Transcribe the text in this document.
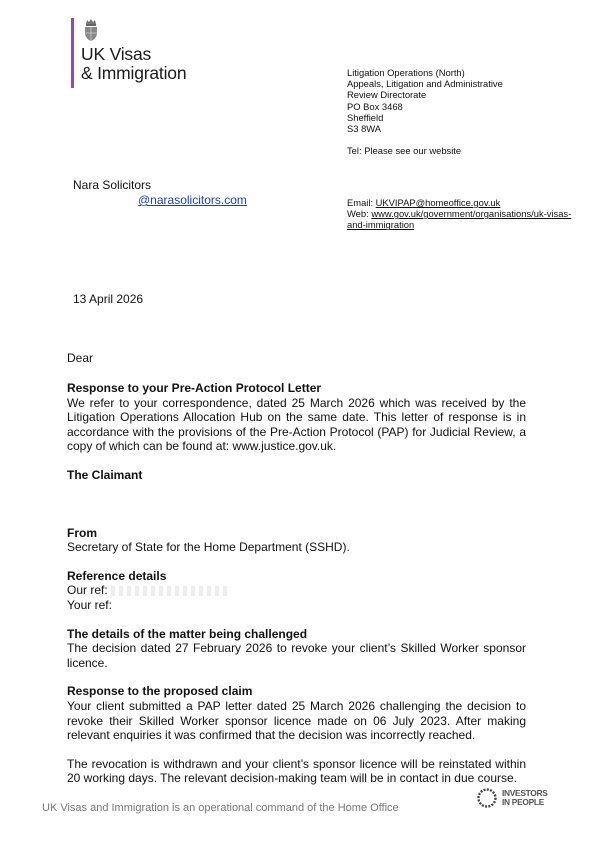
UK Visas
& Immigration	Litigation Operations (North)
Appeals, Litigation and Administrative
Review Directorate
PO Box 3468
Sheffield
S3 8WA
Tel: Please see our website
Email: UKVIPAP@homeoffice.gov.uk
Web: www.gov.uk/government/organisations/uk-visas-
and-immigration
Nara Solicitors
@narasolicitors.com
13 April 2026
Dear
Response to your Pre-Action Protocol Letter
We refer to your correspondence, dated 25 March 2026 which was received by the Litigation Operations Allocation Hub on the same date. This letter of response is in accordance with the provisions of the Pre-Action Protocol (PAP) for Judicial Review, a copy of which can be found at: www.justice.gov.uk.
The Claimant
From
Secretary of State for the Home Department (SSHD).
Reference details
Our ref:
Your ref:
The details of the matter being challenged
The decision dated 27 February 2026 to revoke your client’s Skilled Worker sponsor licence.
Response to the proposed claim
Your client submitted a PAP letter dated 25 March 2026 challenging the decision to revoke their Skilled Worker sponsor licence made on 06 July 2023. After making relevant enquiries it was confirmed that the decision was incorrectly reached.
The revocation is withdrawn and your client’s sponsor licence will be reinstated within 20 working days. The relevant decision-making team will be in contact in due course.
UK Visas and Immigration is an operational command of the Home Office
INVESTORS
IN PEOPLE
